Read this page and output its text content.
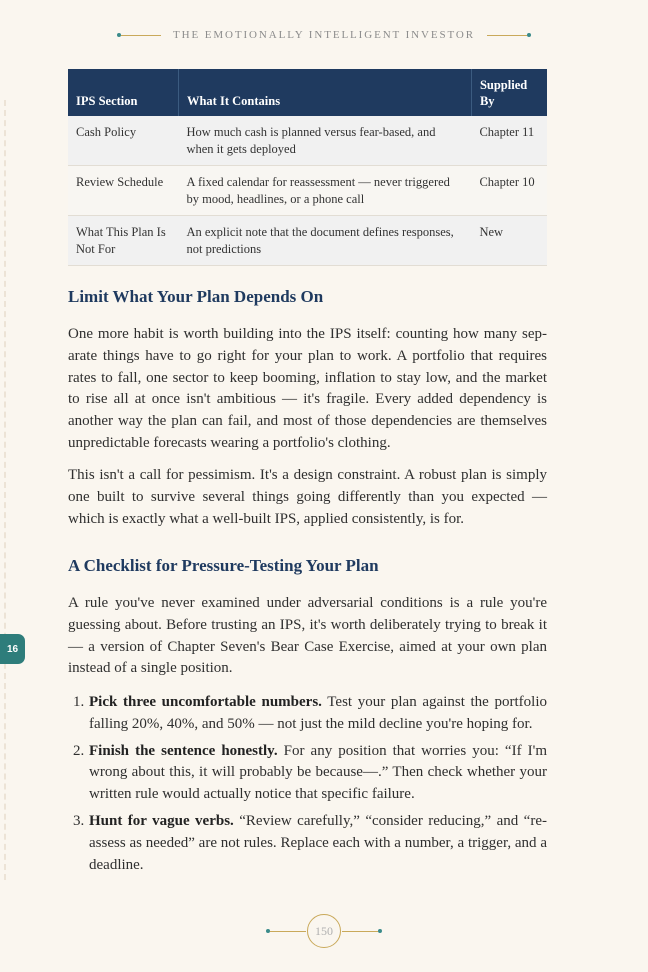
THE EMOTIONALLY INTELLIGENT INVESTOR
16
IPS Section	What It Contains	Supplied By
Cash Policy	How much cash is planned versus fear-based, and when it gets deployed	Chapter 11
Review Schedule	A fixed calendar for reassessment — never triggered by mood, headlines, or a phone call	Chapter 10
What This Plan Is Not For	An explicit note that the document defines responses, not predictions	New
Limit What Your Plan Depends On

One more habit is worth building into the IPS itself: counting how many separate things have to go right for your plan to work. A portfolio that requires rates to fall, one sector to keep booming, inflation to stay low, and the market to rise all at once isn't ambitious — it's fragile. Every added dependency is another way the plan can fail, and most of those dependencies are themselves unpredictable forecasts wearing a portfolio's clothing.

This isn't a call for pessimism. It's a design constraint. A robust plan is simply one built to survive several things going differently than you expected — which is exactly what a well-built IPS, applied consistently, is for.

A Checklist for Pressure-Testing Your Plan

A rule you've never examined under adversarial conditions is a rule you're guessing about. Before trusting an IPS, it's worth deliberately trying to break it — a version of Chapter Seven's Bear Case Exercise, aimed at your own plan instead of a single position.

1. Pick three uncomfortable numbers. Test your plan against the portfolio falling 20%, 40%, and 50% — not just the mild decline you're hoping for.
2. Finish the sentence honestly. For any position that worries you: “If I'm wrong about this, it will probably be because—.” Then check whether your written rule would actually notice that specific failure.
3. Hunt for vague verbs. “Review carefully,” “consider reducing,” and “reassess as needed” are not rules. Replace each with a number, a trigger, and a deadline.
150
